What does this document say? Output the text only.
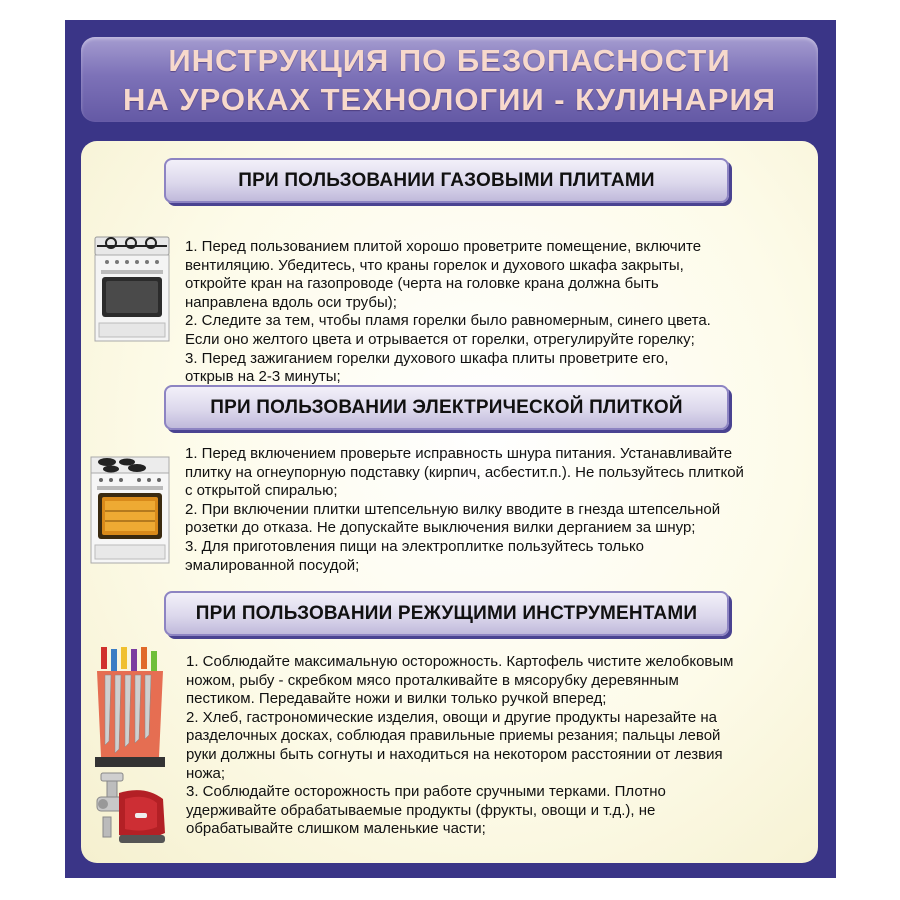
ИНСТРУКЦИЯ ПО БЕЗОПАСНОСТИ
НА УРОКАХ ТЕХНОЛОГИИ - КУЛИНАРИЯ
ПРИ ПОЛЬЗОВАНИИ ГАЗОВЫМИ ПЛИТАМИ

1. Перед пользованием плитой хорошо проветрите помещение, включите

вентиляцию. Убедитесь, что краны горелок и духового шкафа закрыты,

откройте кран на газопроводе (черта на головке крана должна быть

направлена вдоль оси трубы);

2. Следите за тем, чтобы пламя горелки было равномерным, синего цвета.

Если оно желтого цвета и отрывается от горелки, отрегулируйте горелку;

3. Перед зажиганием горелки духового шкафа плиты проветрите его,

открыв на 2-3 минуты;

ПРИ ПОЛЬЗОВАНИИ ЭЛЕКТРИЧЕСКОЙ ПЛИТКОЙ

1. Перед включением проверьте исправность шнура питания. Устанавливайте

плитку на огнеупорную подставку (кирпич, асбестит.п.). Не пользуйтесь плиткой

с открытой спиралью;

2. При включении плитки штепсельную вилку вводите в гнезда штепсельной

розетки до отказа. Не допускайте выключения вилки дерганием за шнур;

3. Для приготовления пищи на электроплитке пользуйтесь только

эмалированной посудой;

ПРИ ПОЛЬЗОВАНИИ РЕЖУЩИМИ ИНСТРУМЕНТАМИ

1. Соблюдайте максимальную осторожность. Картофель чистите желобковым

ножом, рыбу - скребком мясо проталкивайте в мясорубку деревянным

пестиком. Передавайте ножи и вилки только ручкой вперед;

2. Хлеб, гастрономические изделия, овощи и другие продукты нарезайте на

разделочных досках, соблюдая правильные приемы резания; пальцы левой

руки должны быть согнуты и находиться на некотором расстоянии от лезвия

ножа;

3. Соблюдайте осторожность при работе сручными терками. Плотно

удерживайте обрабатываемые продукты (фрукты, овощи и т.д.), не

обрабатывайте слишком маленькие части;
